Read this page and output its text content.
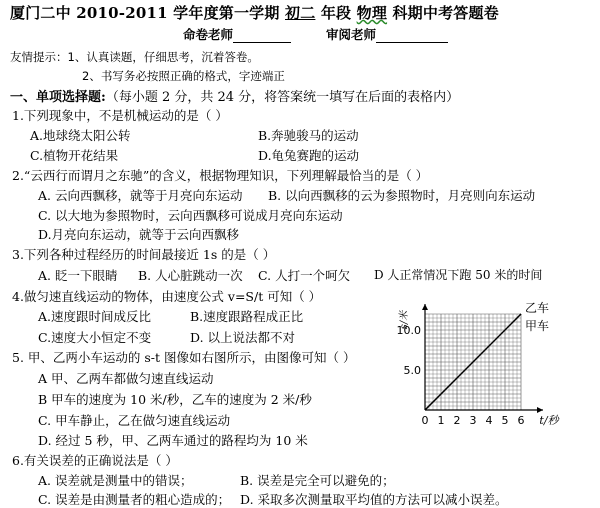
厦门二中 2010-2011 学年度第一学期 初二 年段 物理 科期中考答题卷
命卷老师	审阅老师
友情提示：1、认真读题，仔细思考，沉着答卷。
2、书写务必按照正确的格式，字迹端正
一、单项选择题:（每小题 2 分，共 24 分，将答案统一填写在后面的表格内）
1.下列现象中，不是机械运动的是（ ）
A.地球绕太阳公转	B.奔驰骏马的运动
C.植物开花结果	D.龟兔赛跑的运动
2.“云西行而谓月之东驰”的含义，根据物理知识，下列理解最恰当的是（ ）
A. 云向西飘移，就等于月亮向东运动 B. 以向西飘移的云为参照物时，月亮则向东运动
C. 以大地为参照物时，云向西飘移可说成月亮向东运动
D.月亮向东运动，就等于云向西飘移
3.下列各种过程经历的时间最接近 1s 的是（ ）
A. 眨一下眼睛 B. 人心脏跳动一次 C. 人打一个呵欠 D 人正常情况下跑 50 米的时间
4.做匀速直线运动的物体，由速度公式 v=S/t 可知（ ）
A.速度跟时间成反比	B.速度跟路程成正比
C.速度大小恒定不变	D. 以上说法都不对
5. 甲、乙两小车运动的 s-t 图像如右图所示，由图像可知（ ）
A 甲、乙两车都做匀速直线运动
B 甲车的速度为 10 米/秒，乙车的速度为 2 米/秒
C. 甲车静止，乙在做匀速直线运动
D. 经过 5 秒，甲、乙两车通过的路程均为 10 米
6.有关误差的正确说法是（ ）
A. 误差就是测量中的错误；	B. 误差是完全可以避免的；
C. 误差是由测量者的粗心造成的； D. 采取多次测量取平均值的方法可以减小误差。
0 1 2 3 4 5 6
5.0
10.0
t/秒
s/米
乙车
甲车
